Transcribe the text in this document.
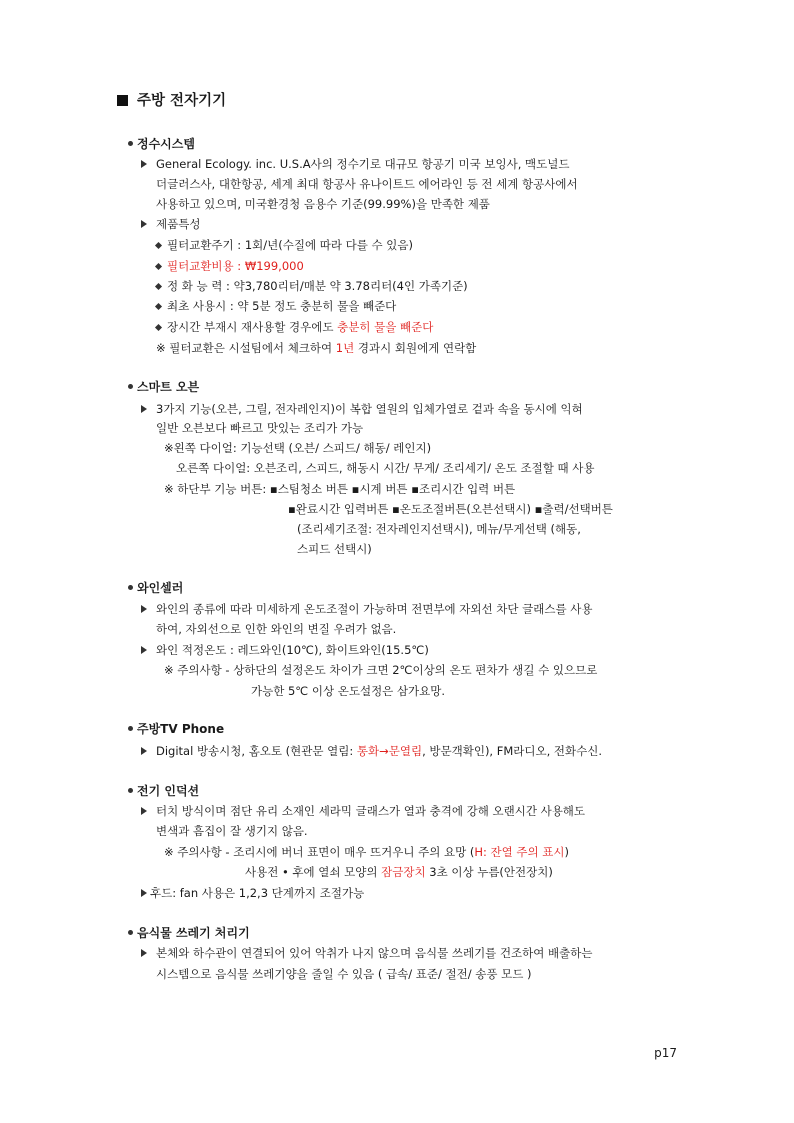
주방 전자기기
정수시스템
General Ecology. inc. U.S.A사의 정수기로 대규모 항공기 미국 보잉사, 맥도널드
더글러스사, 대한항공, 세계 최대 항공사 유나이트드 에어라인 등 전 세계 항공사에서
사용하고 있으며, 미국환경청 음용수 기준(99.99%)을 만족한 제품
제품특성
필터교환주기 : 1회/년(수질에 따라 다를 수 있음)
필터교환비용 : ₩199,000
정 화 능 력 : 약3,780리터/매분 약 3.78리터(4인 가족기준)
최초 사용시 : 약 5분 정도 충분히 물을 빼준다
장시간 부재시 재사용할 경우에도 충분히 물을 빼준다
※ 필터교환은 시설팀에서 체크하여 1년 경과시 회원에게 연락함
스마트 오븐
3가지 기능(오븐, 그릴, 전자레인지)이 복합 열원의 입체가열로 겉과 속을 동시에 익혀
일반 오븐보다 빠르고 맛있는 조리가 가능
※왼쪽 다이얼: 기능선택 (오븐/ 스피드/ 해동/ 레인지)
오른쪽 다이얼: 오븐조리, 스피드, 해동시 시간/ 무게/ 조리세기/ 온도 조절할 때 사용
※ 하단부 기능 버튼: ▪스팀청소 버튼 ▪시계 버튼 ▪조리시간 입력 버튼
▪완료시간 입력버튼 ▪온도조절버튼(오븐선택시) ▪출력/선택버튼
(조리세기조절: 전자레인지선택시), 메뉴/무게선택 (해동,
스피드 선택시)
와인셀러
와인의 종류에 따라 미세하게 온도조절이 가능하며 전면부에 자외선 차단 글래스를 사용
하여, 자외선으로 인한 와인의 변질 우려가 없음.
와인 적정온도 : 레드와인(10℃), 화이트와인(15.5℃)
※ 주의사항 - 상하단의 설정온도 차이가 크면 2℃이상의 온도 편차가 생길 수 있으므로
가능한 5℃ 이상 온도설정은 삼가요망.
주방TV Phone
Digital 방송시청, 홈오토 (현관문 열림: 통화→문열림, 방문객확인), FM라디오, 전화수신.
전기 인덕션
터치 방식이며 점단 유리 소재인 세라믹 글래스가 열과 충격에 강해 오랜시간 사용해도
변색과 흠집이 잘 생기지 않음.
※ 주의사항 - 조리시에 버너 표면이 매우 뜨거우니 주의 요망 (H: 잔열 주의 표시)
사용전 • 후에 열쇠 모양의 잠금장치 3초 이상 누름(안전장치)
후드: fan 사용은 1,2,3 단계까지 조절가능
음식물 쓰레기 처리기
본체와 하수관이 연결되어 있어 악취가 나지 않으며 음식물 쓰레기를 건조하여 배출하는
시스템으로 음식물 쓰레기양을 줄일 수 있음 ( 급속/ 표준/ 절전/ 송풍 모드 )
p17
